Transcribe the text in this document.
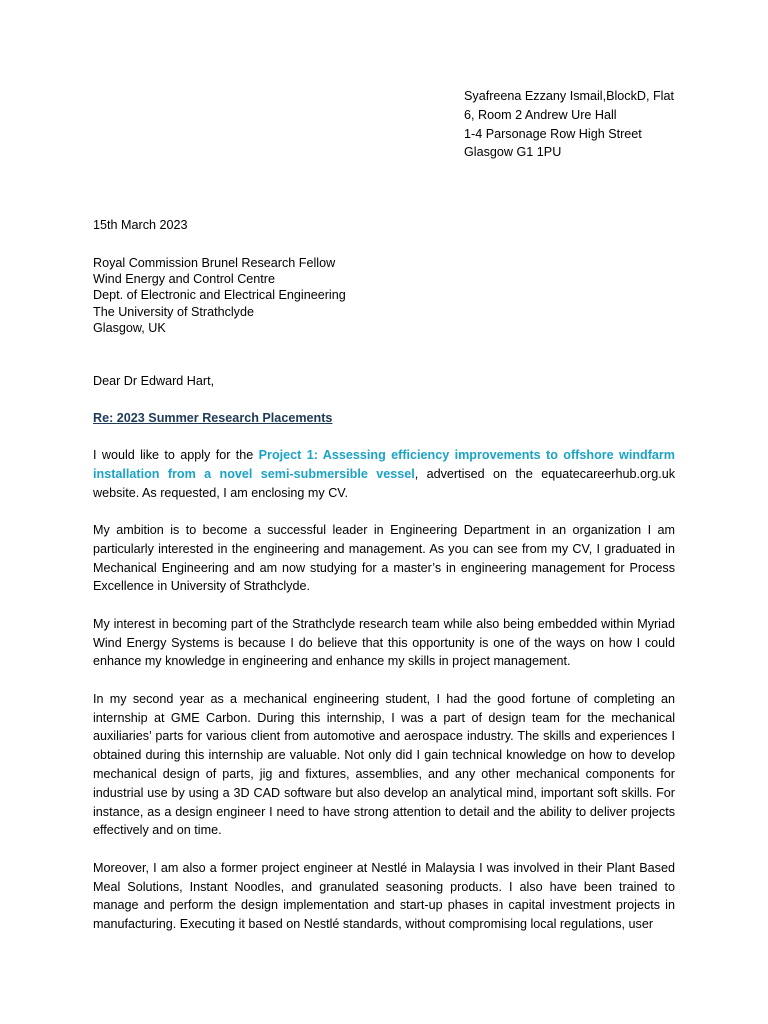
Syafreena Ezzany Ismail,BlockD, Flat
6, Room 2 Andrew Ure Hall
1-4 Parsonage Row High Street
Glasgow G1 1PU
15th March 2023
Royal Commission Brunel Research Fellow
Wind Energy and Control Centre
Dept. of Electronic and Electrical Engineering
The University of Strathclyde
Glasgow, UK
Dear Dr Edward Hart,
Re: 2023 Summer Research Placements

I would like to apply for the Project 1: Assessing efficiency improvements to offshore windfarm installation from a novel semi-submersible vessel, advertised on the equatecareerhub.org.uk website. As requested, I am enclosing my CV.

My ambition is to become a successful leader in Engineering Department in an organization I am particularly interested in the engineering and management. As you can see from my CV, I graduated in Mechanical Engineering and am now studying for a master’s in engineering management for Process Excellence in University of Strathclyde.

My interest in becoming part of the Strathclyde research team while also being embedded within Myriad Wind Energy Systems is because I do believe that this opportunity is one of the ways on how I could enhance my knowledge in engineering and enhance my skills in project management.

In my second year as a mechanical engineering student, I had the good fortune of completing an internship at GME Carbon. During this internship, I was a part of design team for the mechanical auxiliaries’ parts for various client from automotive and aerospace industry. The skills and experiences I obtained during this internship are valuable. Not only did I gain technical knowledge on how to develop mechanical design of parts, jig and fixtures, assemblies, and any other mechanical components for industrial use by using a 3D CAD software but also develop an analytical mind, important soft skills. For instance, as a design engineer I need to have strong attention to detail and the ability to deliver projects effectively and on time.

Moreover, I am also a former project engineer at Nestlé in Malaysia I was involved in their Plant Based Meal Solutions, Instant Noodles, and granulated seasoning products. I also have been trained to manage and perform the design implementation and start-up phases in capital investment projects in manufacturing. Executing it based on Nestlé standards, without compromising local regulations, user
